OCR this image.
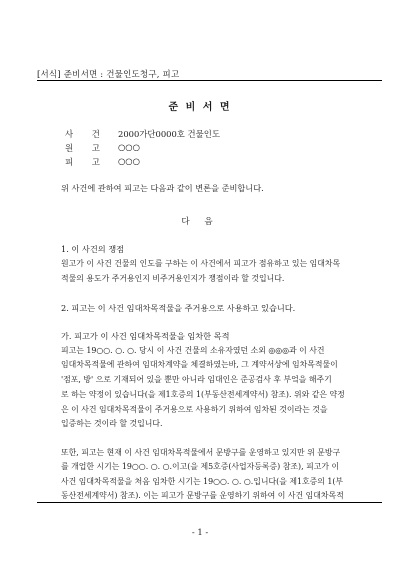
[서식] 준비서면 : 건물인도청구, 피고
준 비 서 면
사       건 2000가단0000호 건물인도
원       고 ○○○
피       고 ○○○
위 사건에 관하여 피고는 다음과 같이 변론을 준비합니다.
다 음
1. 이 사건의 쟁점
원고가 이 사건 건물의 인도를 구하는 이 사건에서 피고가 점유하고 있는 임대차목
적물의 용도가 주거용인지 비주거용인지가 쟁점이라 할 것입니다.
2. 피고는 이 사건 임대차목적물을 주거용으로 사용하고 있습니다.
가. 피고가 이 사건 임대차목적물을 임차한 목적
피고는 19○○. ○. ○. 당시 이 사건 건물의 소유자였던 소외 ◎◎◎과 이 사건
임대차목적물에 관하여 임대차계약을 체결하였는바, 그 계약서상에 임차목적물이
'점포, 방' 으로 기재되어 있을 뿐만 아니라 임대인은 준공검사 후 부엌을 해주기
로 하는 약정이 있습니다(을 제1호증의 1(부동산전세계약서) 참조). 위와 같은 약정
은 이 사건 임대차목적물이 주거용으로 사용하기 위하여 임차된 것이라는 것을
입증하는 것이라 할 것입니다.
또한, 피고는 현재 이 사건 임대차목적물에서 문방구를 운영하고 있지만 위 문방구
를 개업한 시기는 19○○. ○. ○.이고(을 제5호증(사업자등록증) 참조), 피고가 이
사건 임대차목적물을 처음 임차한 시기는 19○○. ○. ○.입니다(을 제1호증의 1(부
동산전세계약서) 참조). 이는 피고가 문방구를 운영하기 위하여 이 사건 임대차목적
- 1 -
